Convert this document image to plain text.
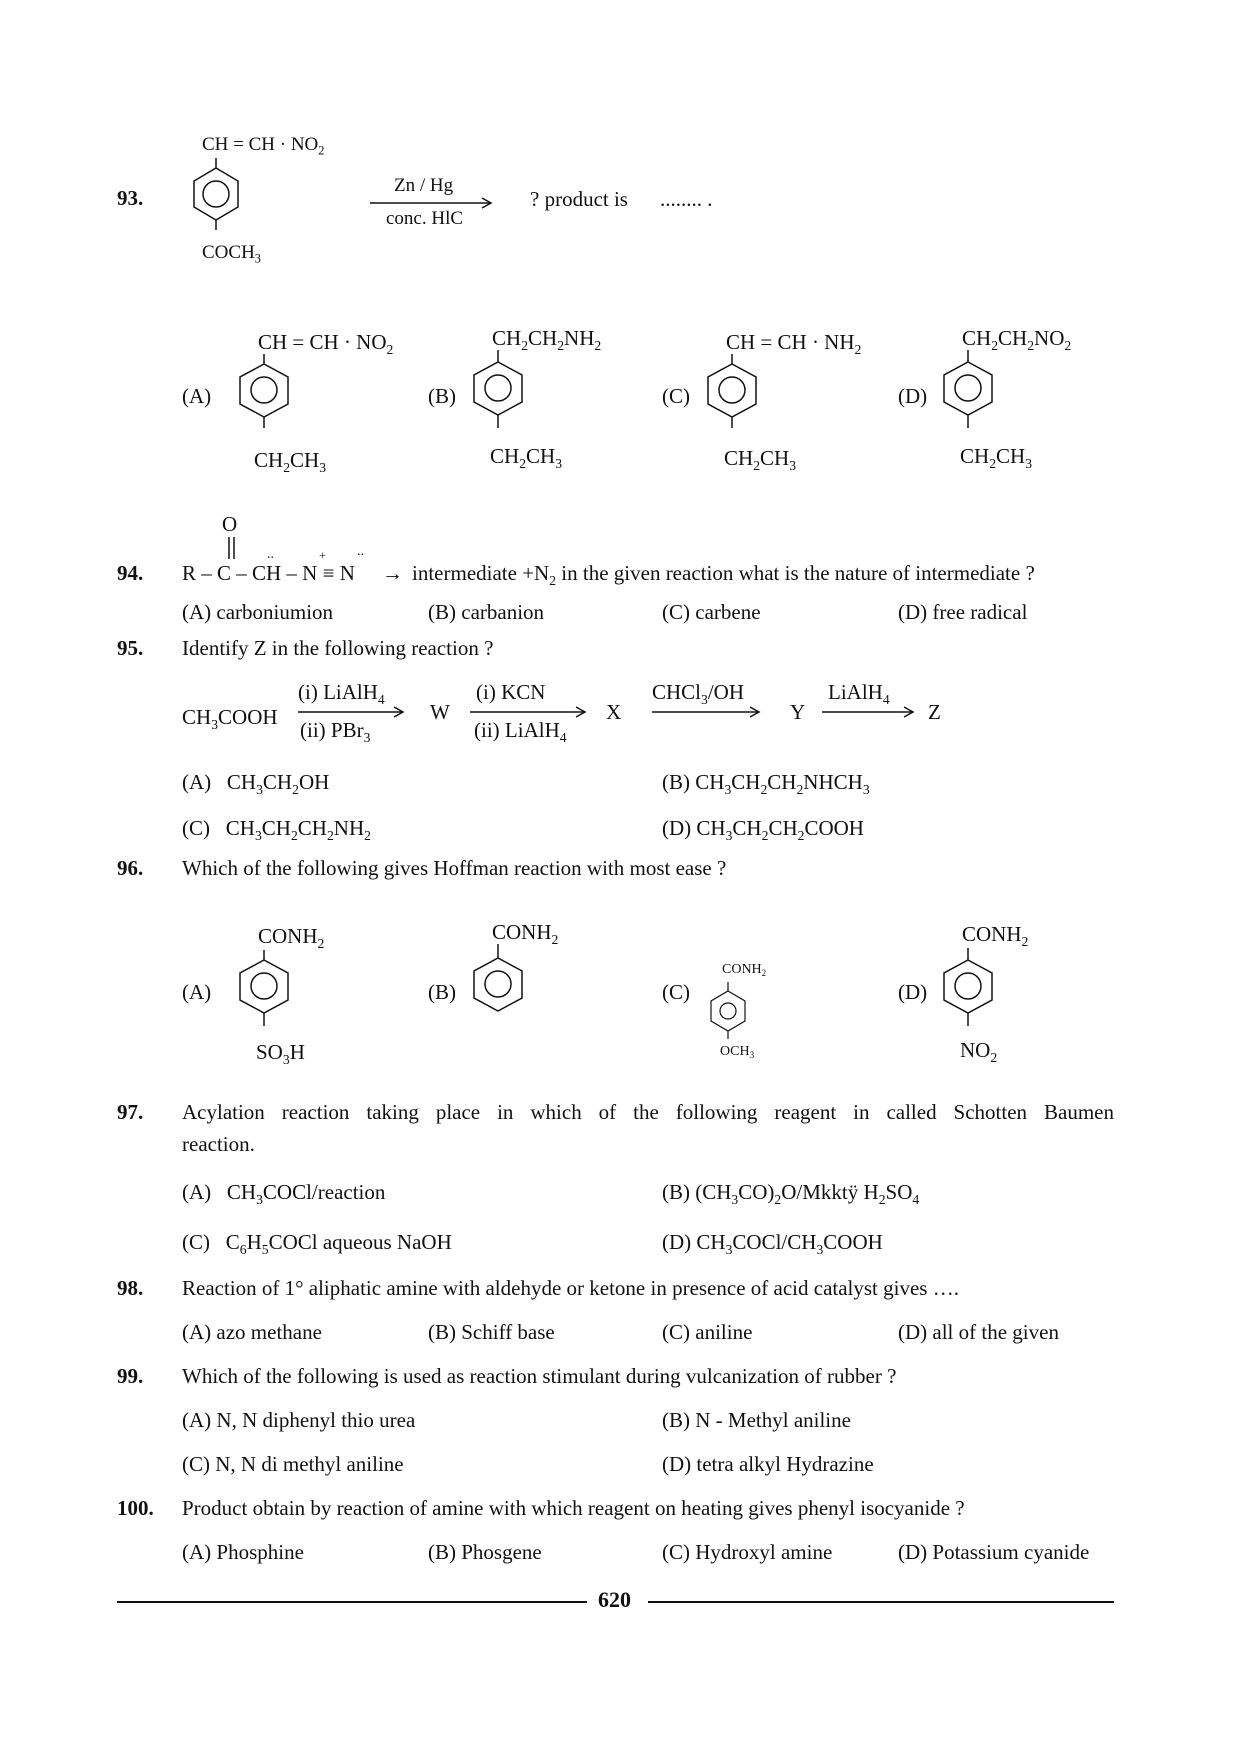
93.
CH = CH · $NO_2$
$COCH_3$
Zn / Hg
conc. HlC
? product is ........ .
(A)
CH = CH · $NO_2$
$CH_2CH_3$
(B)
$CH_2CH_2NH_2$
$CH_2CH_3$
(C)
CH = CH · $NH_2$
$CH_2CH_3$
(D)
$CH_2CH_2NO_2$
$CH_2CH_3$
O
94. R – C – CH – N ≡ N
..	+ ..
→ intermediate $+N_2$ in the given reaction what is the nature of intermediate ?
(A) carboniumion	(B) carbanion	(C) carbene	(D) free radical
95. Identify Z in the following reaction ?
$CH_3COOH$
(i) LiAlH$_4$
(ii) PBr$_3$
W
(i) KCN
(ii) LiAlH$_4$
X
CHCl$_3$/OH
Y
LiAlH$_4$
Z
(A) $CH_3CH_2OH$	(B) $CH_3CH_2CH_2NHCH_3$
(C) $CH_3CH_2CH_2NH_2$	(D) $CH_3CH_2CH_2COOH$
96. Which of the following gives Hoffman reaction with most ease ?
(A)
$CONH_2$
$SO_3H$
(B)
$CONH_2$
(C)
$CONH_2$
$OCH_3$
(D)
$CONH_2$
$NO_2$
97. Acylation reaction taking place in which of the following reagent in called Schotten Baumen
reaction.
(A) $CH_3COCl$/reaction	(B) $(CH_3CO)_2O$/Mkktÿ $H_2SO_4$
(C) $C_6H_5COCl$ aqueous NaOH	(D) $CH_3COCl/CH_3COOH$
98. Reaction of 1° aliphatic amine with aldehyde or ketone in presence of acid catalyst gives ….
(A) azo methane	(B) Schiff base	(C) aniline	(D) all of the given
99. Which of the following is used as reaction stimulant during vulcanization of rubber ?
(A) N, N diphenyl thio urea	(B) N - Methyl aniline
(C) N, N di methyl aniline	(D) tetra alkyl Hydrazine
100. Product obtain by reaction of amine with which reagent on heating gives phenyl isocyanide ?
(A) Phosphine	(B) Phosgene	(C) Hydroxyl amine	(D) Potassium cyanide
620
